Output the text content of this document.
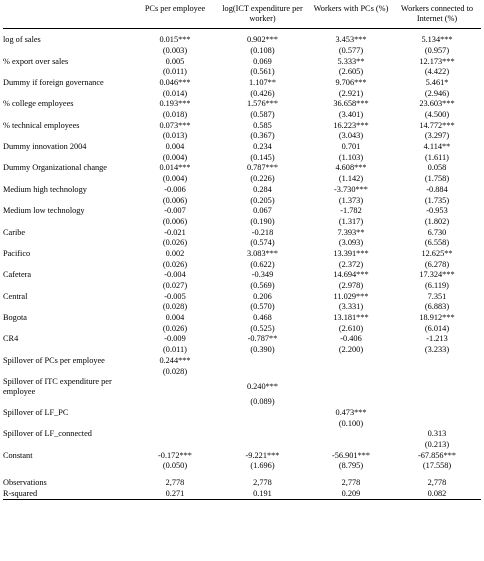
	PCs per employee	log(ICT expenditure per worker)	Workers with PCs (%)	Workers connected to Internet (%)

log of sales	0.015***	0.902***	3.453***	5.134***
	(0.003)	(0.108)	(0.577)	(0.957)
% export over sales	0.005	0.069	5.333**	12.173***
	(0.011)	(0.561)	(2.605)	(4.422)
Dummy if foreign governance	0.046***	1.107**	9.706***	5.461*
	(0.014)	(0.426)	(2.921)	(2.946)
% college employees	0.193***	1.576***	36.658***	23.603***
	(0.018)	(0.587)	(3.401)	(4.500)
% technical employees	0.073***	0.585	16.223***	14.772***
	(0.013)	(0.367)	(3.043)	(3.297)
Dummy innovation 2004	0.004	0.234	0.701	4.114**
	(0.004)	(0.145)	(1.103)	(1.611)
Dummy Organizational change	0.014***	0.787***	4.608***	0.058
	(0.004)	(0.226)	(1.142)	(1.758)
Medium high technology	-0.006	0.284	-3.730***	-0.884
	(0.006)	(0.205)	(1.373)	(1.735)
Medium low technology	-0.007	0.067	-1.782	-0.953
	(0.006)	(0.190)	(1.317)	(1.802)
Caribe	-0.021	-0.218	7.393**	6.730
	(0.026)	(0.574)	(3.093)	(6.558)
Pacifico	0.002	3.083***	13.391***	12.625**
	(0.026)	(0.622)	(2.372)	(6.278)
Cafetera	-0.004	-0.349	14.694***	17.324***
	(0.027)	(0.569)	(2.978)	(6.119)
Central	-0.005	0.206	11.029***	7.351
	(0.028)	(0.570)	(3.331)	(6.883)
Bogota	0.004	0.468	13.181***	18.912***
	(0.026)	(0.525)	(2.610)	(6.014)
CR4	-0.009	-0.787**	-0.406	-1.213
	(0.011)	(0.390)	(2.200)	(3.233)
Spillover of PCs per employee	0.244***			
	(0.028)			
Spillover of ITC expenditure per employee		0.240***		
		(0.089)		
Spillover of LF_PC			0.473***	
			(0.100)	
Spillover of LF_connected				0.313
				(0.213)
Constant	-0.172***	-9.221***	-56.901***	-67.856***
	(0.050)	(1.696)	(8.795)	(17.558)
Observations	2,778	2,778	2,778	2,778
R-squared	0.271	0.191	0.209	0.082
